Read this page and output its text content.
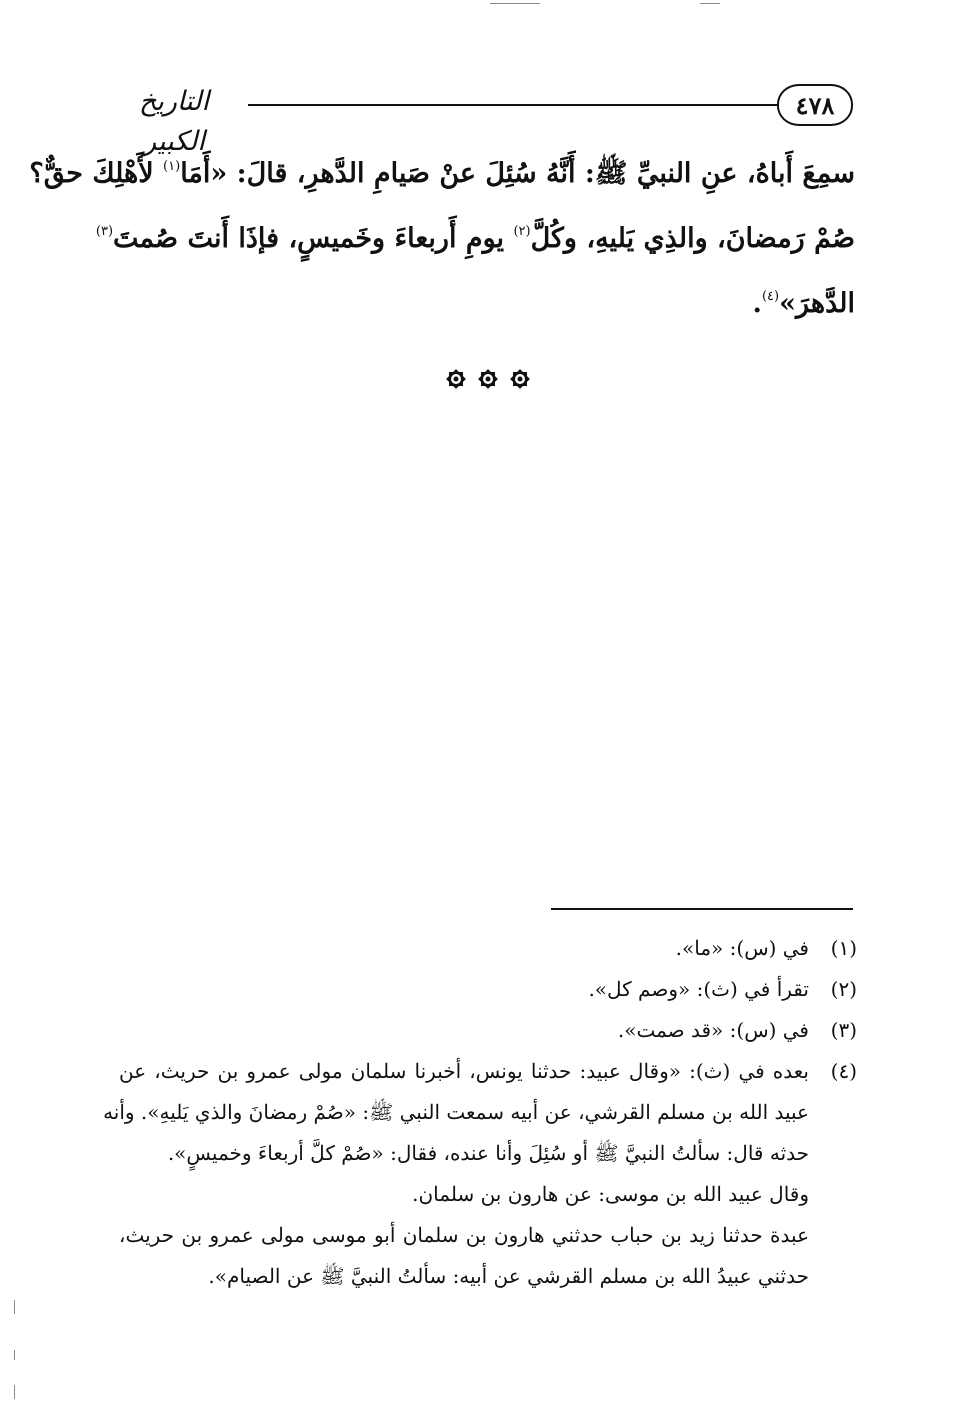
٤٧٨
التاريخ الكبير
سمِعَ أَباهُ، عنِ النبيِّ ﷺ: أَنَّهُ سُئِلَ عنْ صَيامِ الدَّهرِ، قالَ: «أَمَا$^{(١)}$ لأَهْلِكَ حقٌّ؟
صُمْ رَمضانَ، والذِي يَليهِ، وكُلَّ$^{(٢)}$ يومِ أَربعاءَ وخَميسٍ، فإذَا أَنتَ صُمتَ$^{(٣)}$
الدَّهرَ»$^{(٤)}$.
(١)
في (س): «ما».
(٢)
تقرأ في (ث): «وصم كل».
(٣)
في (س): «قد صمت».
(٤)
بعده في (ث): «وقال عبيد: حدثنا يونس، أخبرنا سلمان مولى عمرو بن حريث، عن
عبيد الله بن مسلم القرشي، عن أبيه سمعت النبي ﷺ: «صُمْ رمضانَ والذي يَليهِ». وأنه
حدثه قال: سألتُ النبيَّ ﷺ أو سُئِلَ وأنا عنده، فقال: «صُمْ كلَّ أربعاءَ وخميسٍ».
وقال عبيد الله بن موسى: عن هارون بن سلمان.
عبدة حدثنا زيد بن حباب حدثني هارون بن سلمان أبو موسى مولى عمرو بن حريث،
حدثني عبيدُ الله بن مسلم القرشي عن أبيه: سألتُ النبيَّ ﷺ عن الصيام».
